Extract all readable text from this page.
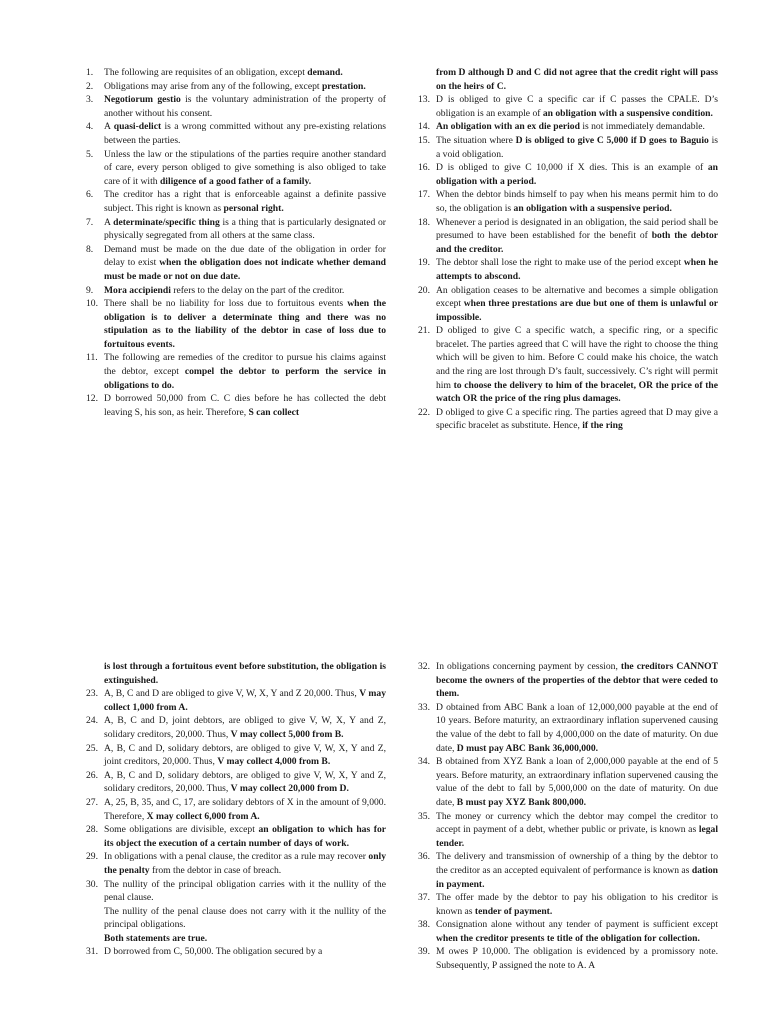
1.	The following are requisites of an obligation, except demand.
2.	Obligations may arise from any of the following, except prestation.
3.	Negotiorum gestio is the voluntary administration of the property of another without his consent.
4.	A quasi-delict is a wrong committed without any pre-existing relations between the parties.
5.	Unless the law or the stipulations of the parties require another standard of care, every person obliged to give something is also obliged to take care of it with diligence of a good father of a family.
6.	The creditor has a right that is enforceable against a definite passive subject. This right is known as personal right.
7.	A determinate/specific thing is a thing that is particularly designated or physically segregated from all others at the same class.
8.	Demand must be made on the due date of the obligation in order for delay to exist when the obligation does not indicate whether demand must be made or not on due date.
9.	Mora accipiendi refers to the delay on the part of the creditor.
10. There shall be no liability for loss due to fortuitous events when the obligation is to deliver a determinate thing and there was no stipulation as to the liability of the debtor in case of loss due to fortuitous events.
11. The following are remedies of the creditor to pursue his claims against the debtor, except compel the debtor to perform the service in obligations to do.
12. D borrowed 50,000 from C. C dies before he has collected the debt leaving S, his son, as heir. Therefore, S can collect
from D although D and C did not agree that the credit right will pass on the heirs of C.
13. D is obliged to give C a specific car if C passes the CPALE. D’s obligation is an example of an obligation with a suspensive condition.
14. An obligation with an ex die period is not immediately demandable.
15. The situation where D is obliged to give C 5,000 if D goes to Baguio is a void obligation.
16. D is obliged to give C 10,000 if X dies. This is an example of an obligation with a period.
17. When the debtor binds himself to pay when his means permit him to do so, the obligation is an obligation with a suspensive period.
18. Whenever a period is designated in an obligation, the said period shall be presumed to have been established for the benefit of both the debtor and the creditor.
19. The debtor shall lose the right to make use of the period except when he attempts to abscond.
20. An obligation ceases to be alternative and becomes a simple obligation except when three prestations are due but one of them is unlawful or impossible.
21. D obliged to give C a specific watch, a specific ring, or a specific bracelet. The parties agreed that C will have the right to choose the thing which will be given to him. Before C could make his choice, the watch and the ring are lost through D’s fault, successively. C’s right will permit him to choose the delivery to him of the bracelet, OR the price of the watch OR the price of the ring plus damages.
22. D obliged to give C a specific ring. The parties agreed that D may give a specific bracelet as substitute. Hence, if the ring
is lost through a fortuitous event before substitution, the obligation is extinguished.
23. A, B, C and D are obliged to give V, W, X, Y and Z 20,000. Thus, V may collect 1,000 from A.
24. A, B, C and D, joint debtors, are obliged to give V, W, X, Y and Z, solidary creditors, 20,000. Thus, V may collect 5,000 from B.
25. A, B, C and D, solidary debtors, are obliged to give V, W, X, Y and Z, joint creditors, 20,000. Thus, V may collect 4,000 from B.
26. A, B, C and D, solidary debtors, are obliged to give V, W, X, Y and Z, solidary creditors, 20,000. Thus, V may collect 20,000 from D.
27. A, 25, B, 35, and C, 17, are solidary debtors of X in the amount of 9,000. Therefore, X may collect 6,000 from A.
28. Some obligations are divisible, except an obligation to which has for its object the execution of a certain number of days of work.
29. In obligations with a penal clause, the creditor as a rule may recover only the penalty from the debtor in case of breach.
30. The nullity of the principal obligation carries with it the nullity of the penal clause.
The nullity of the penal clause does not carry with it the nullity of the principal obligations.
Both statements are true.
31. D borrowed from C, 50,000. The obligation secured by a
32. In obligations concerning payment by cession, the creditors CANNOT become the owners of the properties of the debtor that were ceded to them.
33. D obtained from ABC Bank a loan of 12,000,000 payable at the end of 10 years. Before maturity, an extraordinary inflation supervened causing the value of the debt to fall by 4,000,000 on the date of maturity. On due date, D must pay ABC Bank 36,000,000.
34. B obtained from XYZ Bank a loan of 2,000,000 payable at the end of 5 years. Before maturity, an extraordinary inflation supervened causing the value of the debt to fall by 5,000,000 on the date of maturity. On due date, B must pay XYZ Bank 800,000.
35. The money or currency which the debtor may compel the creditor to accept in payment of a debt, whether public or private, is known as legal tender.
36. The delivery and transmission of ownership of a thing by the debtor to the creditor as an accepted equivalent of performance is known as dation in payment.
37. The offer made by the debtor to pay his obligation to his creditor is known as tender of payment.
38. Consignation alone without any tender of payment is sufficient except when the creditor presents te title of the obligation for collection.
39. M owes P 10,000. The obligation is evidenced by a promissory note. Subsequently, P assigned the note to A. A
